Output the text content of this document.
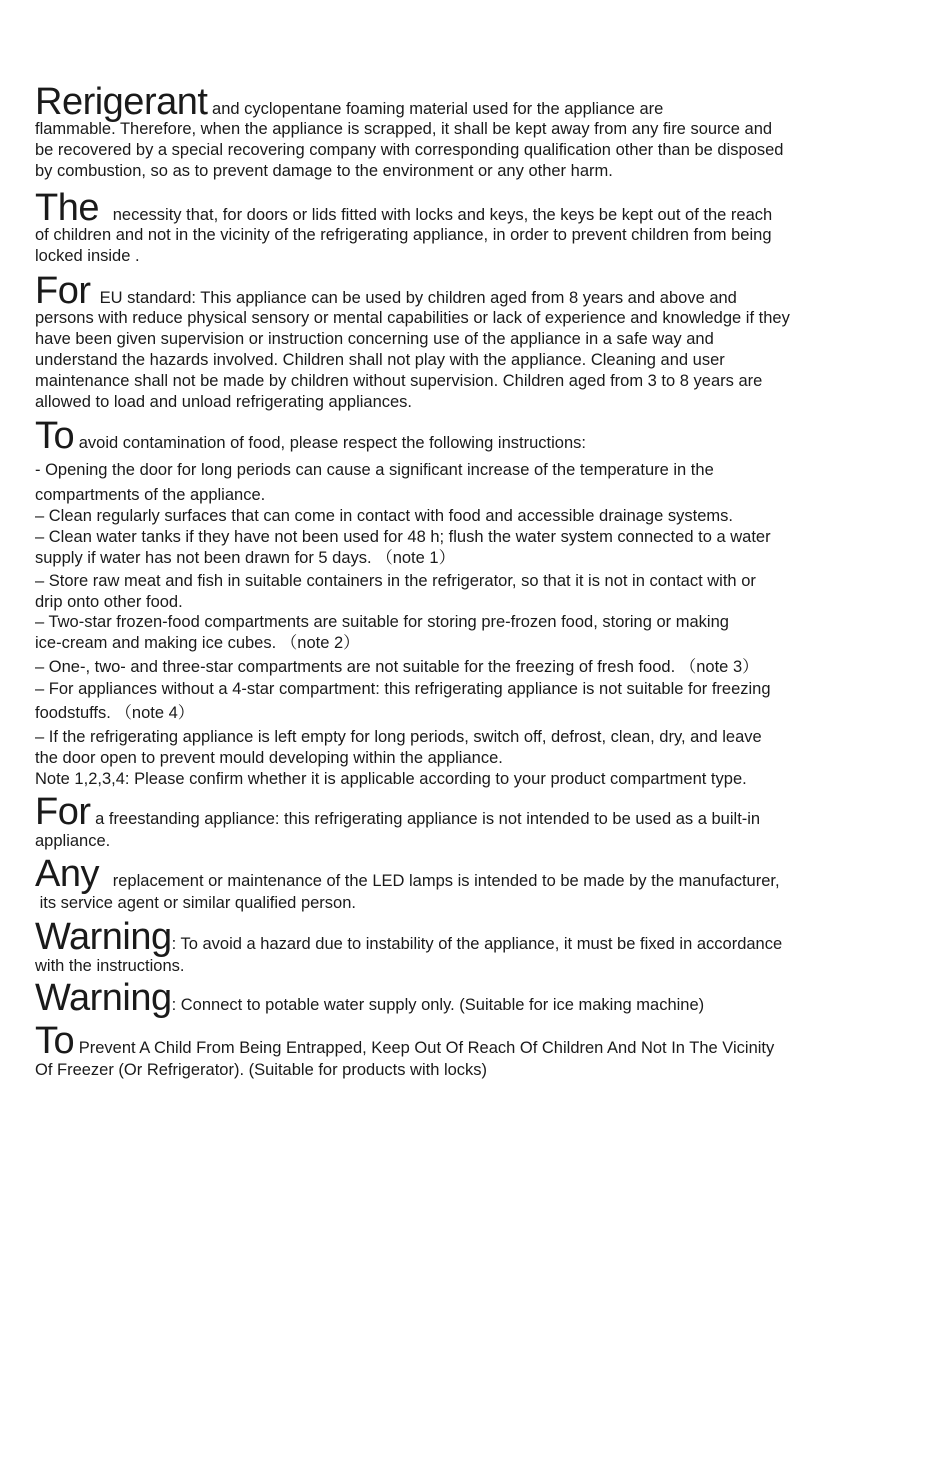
Rerigerant and cyclopentane foaming material used for the appliance are
flammable. Therefore, when the appliance is scrapped, it shall be kept away from any fire source and
be recovered by a special recovering company with corresponding qualification other than be disposed
by combustion, so as to prevent damage to the environment or any other harm.
The necessity that, for doors or lids fitted with locks and keys, the keys be kept out of the reach
of children and not in the vicinity of the refrigerating appliance, in order to prevent children from being
locked inside .
For EU standard: This appliance can be used by children aged from 8 years and above and
persons with reduce physical sensory or mental capabilities or lack of experience and knowledge if they
have been given supervision or instruction concerning use of the appliance in a safe way and
understand the hazards involved. Children shall not play with the appliance. Cleaning and user
maintenance shall not be made by children without supervision. Children aged from 3 to 8 years are
allowed to load and unload refrigerating appliances.
To avoid contamination of food, please respect the following instructions:
- Opening the door for long periods can cause a significant increase of the temperature in the
compartments of the appliance.
– Clean regularly surfaces that can come in contact with food and accessible drainage systems.
– Clean water tanks if they have not been used for 48 h; flush the water system connected to a water
supply if water has not been drawn for 5 days. （note 1）
– Store raw meat and fish in suitable containers in the refrigerator, so that it is not in contact with or
drip onto other food.
– Two-star frozen-food compartments are suitable for storing pre-frozen food, storing or making
ice-cream and making ice cubes. （note 2）
– One-, two- and three-star compartments are not suitable for the freezing of fresh food. （note 3）
– For appliances without a 4-star compartment: this refrigerating appliance is not suitable for freezing
foodstuffs. （note 4）
– If the refrigerating appliance is left empty for long periods, switch off, defrost, clean, dry, and leave
the door open to prevent mould developing within the appliance.
Note 1,2,3,4: Please confirm whether it is applicable according to your product compartment type.
For a freestanding appliance: this refrigerating appliance is not intended to be used as a built-in
appliance.
Any replacement or maintenance of the LED lamps is intended to be made by the manufacturer,
its service agent or similar qualified person.
Warning: To avoid a hazard due to instability of the appliance, it must be fixed in accordance
with the instructions.
Warning: Connect to potable water supply only. (Suitable for ice making machine)
To Prevent A Child From Being Entrapped, Keep Out Of Reach Of Children And Not In The Vicinity
Of Freezer (Or Refrigerator). (Suitable for products with locks)
